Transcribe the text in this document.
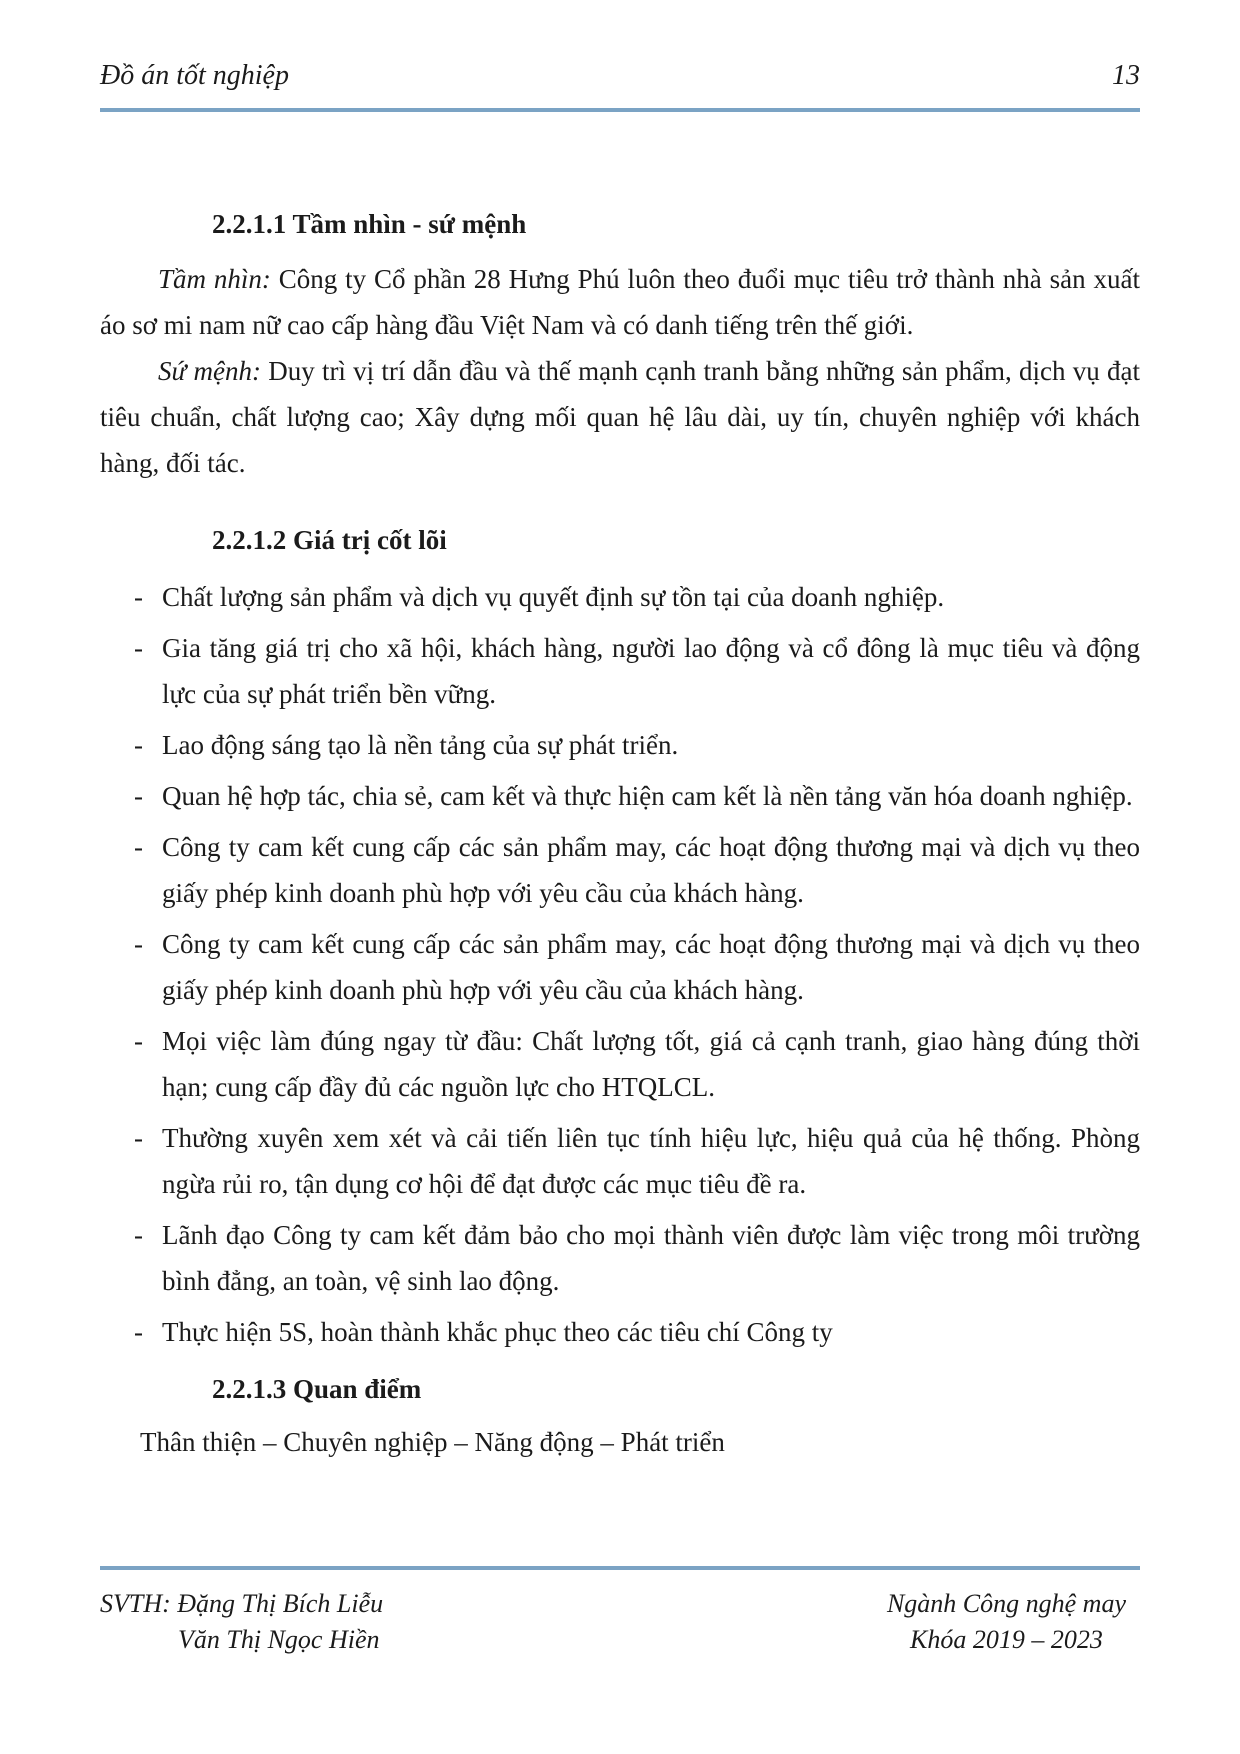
Đồ án tốt nghiệp	13
2.2.1.1 Tầm nhìn - sứ mệnh

Tầm nhìn: Công ty Cổ phần 28 Hưng Phú luôn theo đuổi mục tiêu trở thành nhà sản xuất áo sơ mi nam nữ cao cấp hàng đầu Việt Nam và có danh tiếng trên thế giới.

Sứ mệnh: Duy trì vị trí dẫn đầu và thế mạnh cạnh tranh bằng những sản phẩm, dịch vụ đạt tiêu chuẩn, chất lượng cao; Xây dựng mối quan hệ lâu dài, uy tín, chuyên nghiệp với khách hàng, đối tác.

2.2.1.2 Giá trị cốt lõi
- Chất lượng sản phẩm và dịch vụ quyết định sự tồn tại của doanh nghiệp.
- Gia tăng giá trị cho xã hội, khách hàng, người lao động và cổ đông là mục tiêu và động lực của sự phát triển bền vững.
- Lao động sáng tạo là nền tảng của sự phát triển.
- Quan hệ hợp tác, chia sẻ, cam kết và thực hiện cam kết là nền tảng văn hóa doanh nghiệp.
- Công ty cam kết cung cấp các sản phẩm may, các hoạt động thương mại và dịch vụ theo giấy phép kinh doanh phù hợp với yêu cầu của khách hàng.
- Công ty cam kết cung cấp các sản phẩm may, các hoạt động thương mại và dịch vụ theo giấy phép kinh doanh phù hợp với yêu cầu của khách hàng.
- Mọi việc làm đúng ngay từ đầu: Chất lượng tốt, giá cả cạnh tranh, giao hàng đúng thời hạn; cung cấp đầy đủ các nguồn lực cho HTQLCL.
- Thường xuyên xem xét và cải tiến liên tục tính hiệu lực, hiệu quả của hệ thống. Phòng ngừa rủi ro, tận dụng cơ hội để đạt được các mục tiêu đề ra.
- Lãnh đạo Công ty cam kết đảm bảo cho mọi thành viên được làm việc trong môi trường bình đẳng, an toàn, vệ sinh lao động.
- Thực hiện 5S, hoàn thành khắc phục theo các tiêu chí Công ty
2.2.1.3 Quan điểm

Thân thiện – Chuyên nghiệp – Năng động – Phát triển

SVTH: Đặng Thị Bích Liễu
Văn Thị Ngọc Hiền
Ngành Công nghệ may
Khóa 2019 – 2023
